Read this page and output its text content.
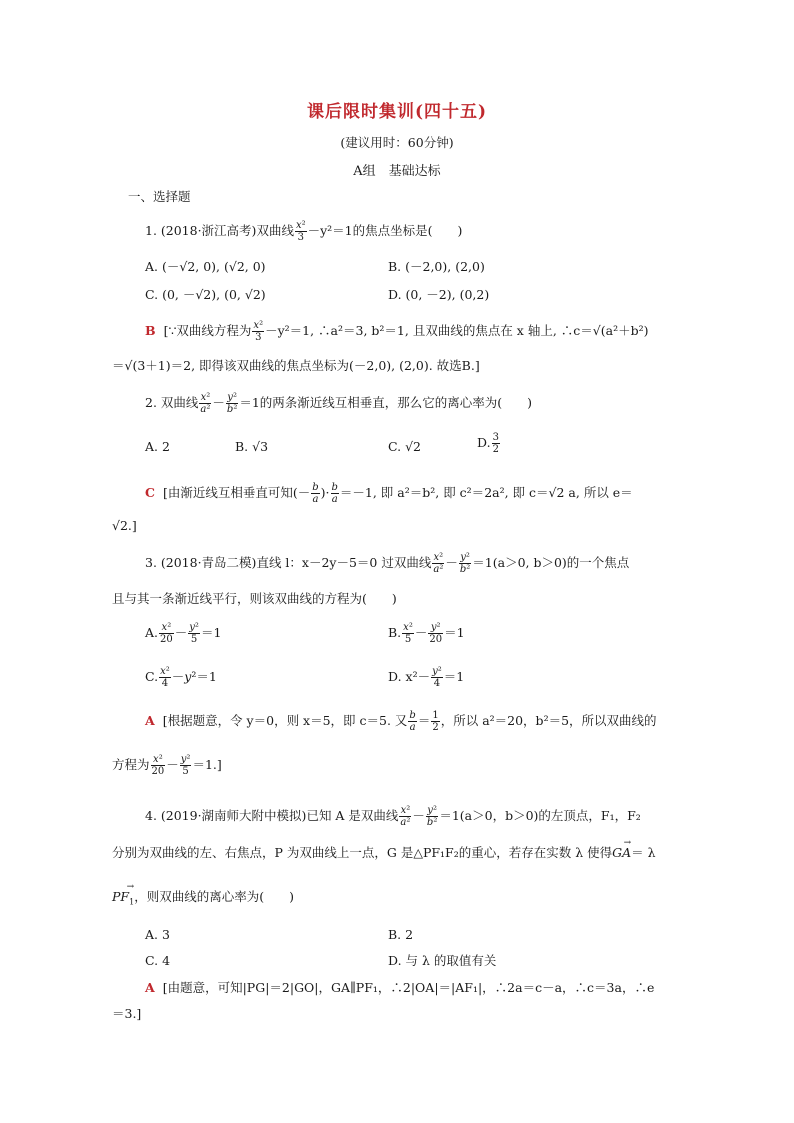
课后限时集训(四十五)
(建议用时：60分钟)
A组　基础达标
一、选择题
1. (2018·浙江高考)双曲线 $\frac{\text{x²}}{3} -y^2=1$的焦点坐标是(　　)
A. (－√2, 0), (√2, 0)	B. (－2,0), (2,0)
C. (0, －√2), (0, √2)	D. (0, －2), (0,2)
B [∵双曲线方程为 $\frac{\text{x²}}{3} -y^2=1$, ∴a²＝3, b²＝1, 且双曲线的焦点在 x 轴上, ∴c＝√(a²＋b²)
＝√(3＋1)＝2, 即得该双曲线的焦点坐标为(－2,0), (2,0). 故选B.]
2. 双曲线 $\frac{\text{x²}}{\text{a²}} - \frac{\text{y²}}{\text{b²}} =1$的两条渐近线互相垂直，那么它的离心率为(　　)
A. 2	B. √3	C. √2	D. $\frac{3}{2}$
C [由渐近线互相垂直可知(－ $\frac{b}{a}$ )· $\frac{b}{a} =-1$, 即 a²＝b², 即 c²＝2a², 即 c＝√2 a, 所以 e＝
√2.]
3. (2018·青岛二模)直线 l：x－2y－5＝0 过双曲线 $\frac{\text{x²}}{\text{a²}} - \frac{\text{y²}}{\text{b²}} =1(a>0$, b＞0)的一个焦点
且与其一条渐近线平行，则该双曲线的方程为(　　)
A. $\frac{\text{x²}}{20} - \frac{\text{y²}}{5} =1$	B. $\frac{\text{x²}}{5} - \frac{\text{y²}}{20} =1$
C. $\frac{\text{x²}}{4} -y^2=1$	D. $x^2- \frac{\text{y²}}{4} =1$
A [根据题意，令 y＝0，则 x＝5，即 c＝5. 又 $\frac{b}{a} = \frac{1}{2}$ ，所以 a²＝20，b²＝5，所以双曲线的
方程为 $\frac{\text{x²}}{20} - \frac{\text{y²}}{5} =1$.]
4. (2019·湖南师大附中模拟)已知 A 是双曲线 $\frac{\text{x²}}{\text{a²}} - \frac{\text{y²}}{\text{b²}} =1(a>0$，b＞0)的左顶点，F₁，F₂
分别为双曲线的左、右焦点，P 为双曲线上一点，G 是△PF₁F₂的重心，若存在实数 λ 使得→ GA＝ λ
→ $PF_1$，则双曲线的离心率为(　　)
A. 3	B. 2
C. 4	D. 与 λ 的取值有关
A [由题意，可知|PG|＝2|GO|，GA∥PF₁，∴2|OA|＝|AF₁|，∴2a＝c－a，∴c＝3a，∴e
＝3.]
